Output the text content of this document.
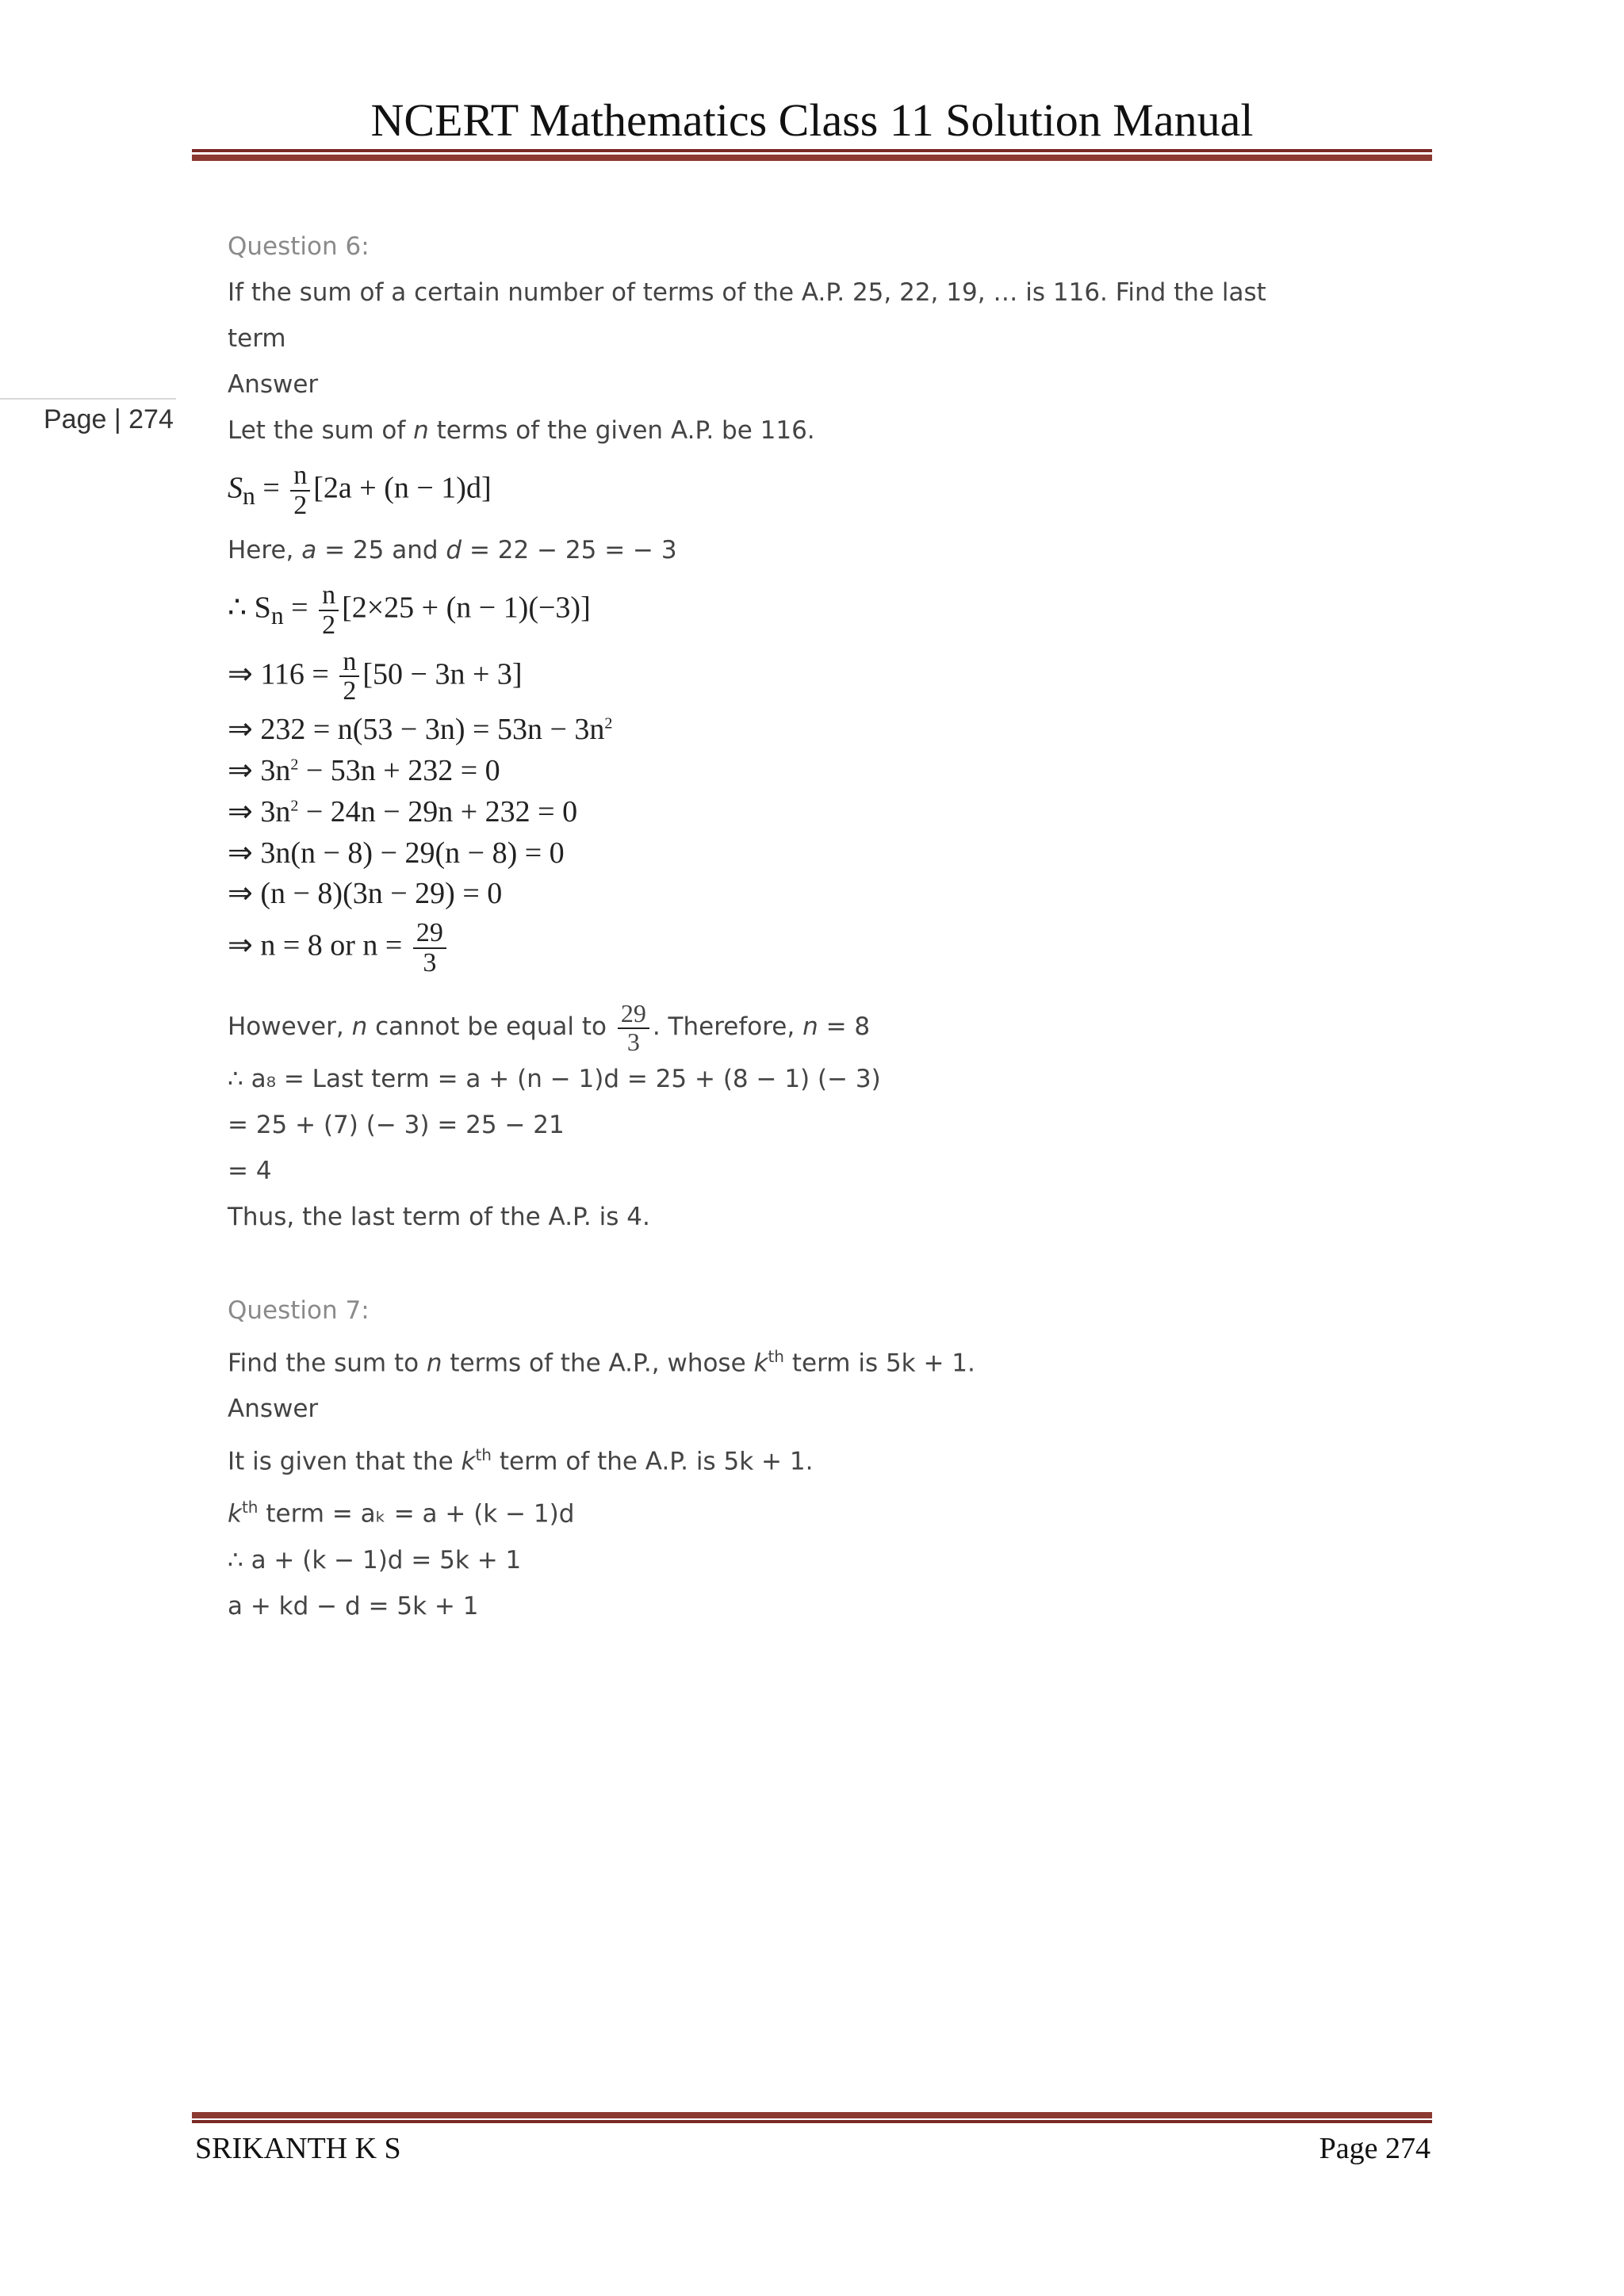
NCERT Mathematics Class 11 Solution Manual
Page | 274
Question 6:
If the sum of a certain number of terms of the A.P. 25, 22, 19, … is 116. Find the last
term
Answer
Let the sum of n terms of the given A.P. be 116.
$S_n = \frac{n}{2} [2a + (n - 1)d]$
Here, a = 25 and d = 22 − 25 = − 3
∴ $S_n = \frac{n}{2} [2\times 25 + (n - 1)(-3)]$
⇒ $116 = \frac{n}{2} [50 - 3n + 3]$
⇒ $232 = n(53 - 3n) = 53n - 3n^2$
⇒ $3n^2 - 53n + 232 = 0$
⇒ $3n^2 - 24n - 29n + 232 = 0$
⇒ 3n(n − 8) − 29(n − 8) = 0
⇒ (n − 8)(3n − 29) = 0
⇒ n = 8 or $n = \frac{29}{3}$
However, n cannot be equal to $\frac{29}{3}$ . Therefore, n = 8
∴ a₈ = Last term = a + (n − 1)d = 25 + (8 − 1) (− 3)
= 25 + (7) (− 3) = 25 − 21
= 4
Thus, the last term of the A.P. is 4.
Question 7:
Find the sum to n terms of the A.P., whose $k^{th}$ term is 5k + 1.
Answer
It is given that the $k^{th}$ term of the A.P. is 5k + 1.
$k^{th}$ term = aₖ = a + (k − 1)d
∴ a + (k − 1)d = 5k + 1
a + kd − d = 5k + 1
SRIKANTH K S	Page 274
